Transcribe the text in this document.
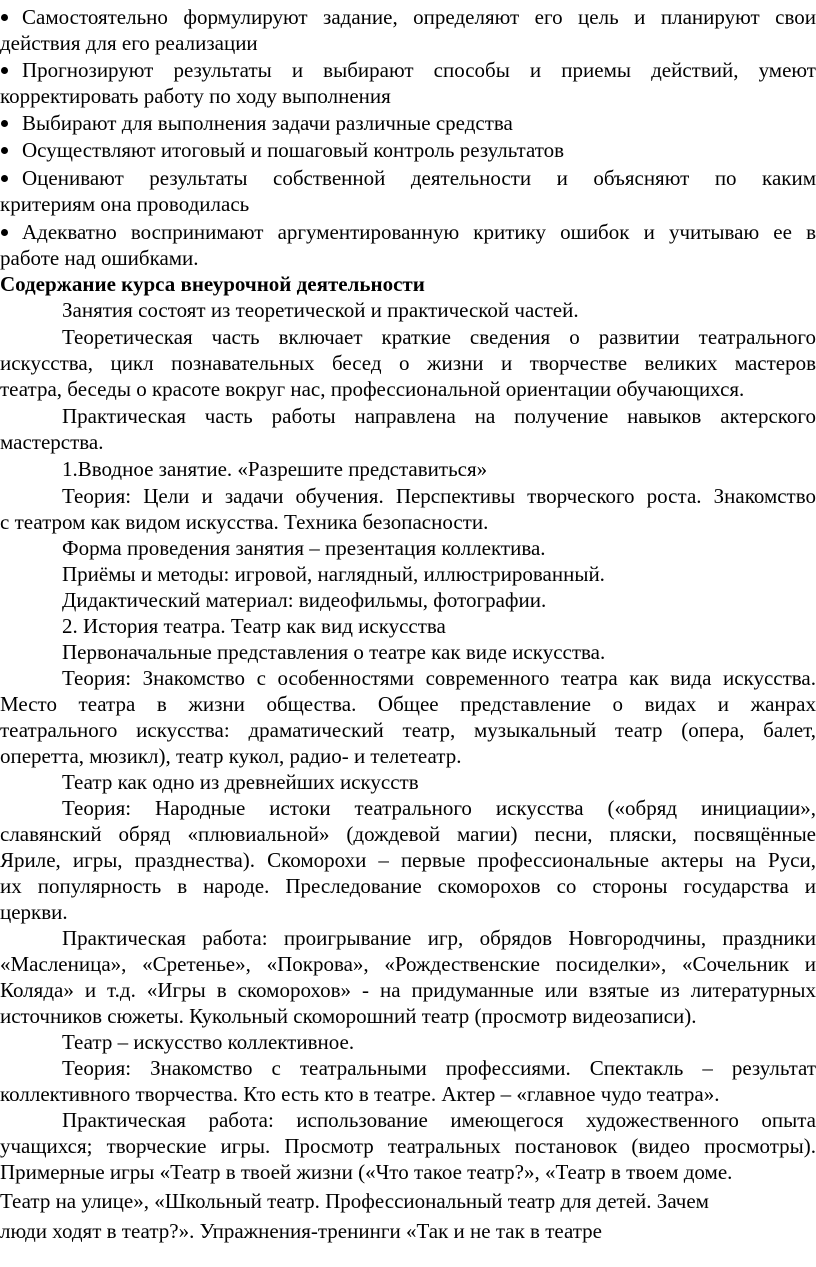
Самостоятельно формулируют задание, определяют его цель и планируют свои
действия для его реализации
Прогнозируют результаты и выбирают способы и приемы действий, умеют
корректировать работу по ходу выполнения
Выбирают для выполнения задачи различные средства
Осуществляют итоговый и пошаговый контроль результатов
Оценивают результаты собственной деятельности и объясняют по каким
критериям она проводилась
Адекватно воспринимают аргументированную критику ошибок и учитываю ее в
работе над ошибками.
Содержание курса внеурочной деятельности
Занятия состоят из теоретической и практической частей.
Теоретическая часть включает краткие сведения о развитии театрального
искусства, цикл познавательных бесед о жизни и творчестве великих мастеров
театра, беседы о красоте вокруг нас, профессиональной ориентации обучающихся.
Практическая часть работы направлена на получение навыков актерского
мастерства.
1.Вводное занятие. «Разрешите представиться»
Теория: Цели и задачи обучения. Перспективы творческого роста. Знакомство
с театром как видом искусства. Техника безопасности.
Форма проведения занятия – презентация коллектива.
Приёмы и методы: игровой, наглядный, иллюстрированный.
Дидактический материал: видеофильмы, фотографии.
2. История театра. Театр как вид искусства
Первоначальные представления о театре как виде искусства.
Теория: Знакомство с особенностями современного театра как вида искусства.
Место театра в жизни общества. Общее представление о видах и жанрах
театрального искусства: драматический театр, музыкальный театр (опера, балет,
оперетта, мюзикл), театр кукол, радио- и телетеатр.
Театр как одно из древнейших искусств
Теория: Народные истоки театрального искусства («обряд инициации»,
славянский обряд «плювиальной» (дождевой магии) песни, пляски, посвящённые
Яриле, игры, празднества). Скоморохи – первые профессиональные актеры на Руси,
их популярность в народе. Преследование скоморохов со стороны государства и
церкви.
Практическая работа: проигрывание игр, обрядов Новгородчины, праздники
«Масленица», «Сретенье», «Покрова», «Рождественские посиделки», «Сочельник и
Коляда» и т.д. «Игры в скоморохов» - на придуманные или взятые из литературных
источников сюжеты. Кукольный скоморошний театр (просмотр видеозаписи).
Театр – искусство коллективное.
Теория: Знакомство с театральными профессиями. Спектакль – результат
коллективного творчества. Кто есть кто в театре. Актер – «главное чудо театра».
Практическая работа: использование имеющегося художественного опыта
учащихся; творческие игры. Просмотр театральных постановок (видео просмотры).
Примерные игры «Театр в твоей жизни («Что такое театр?», «Театр в твоем доме.
Театр на улице», «Школьный театр. Профессиональный театр для детей. Зачем
люди ходят в театр?». Упражнения-тренинги «Так и не так в театре
